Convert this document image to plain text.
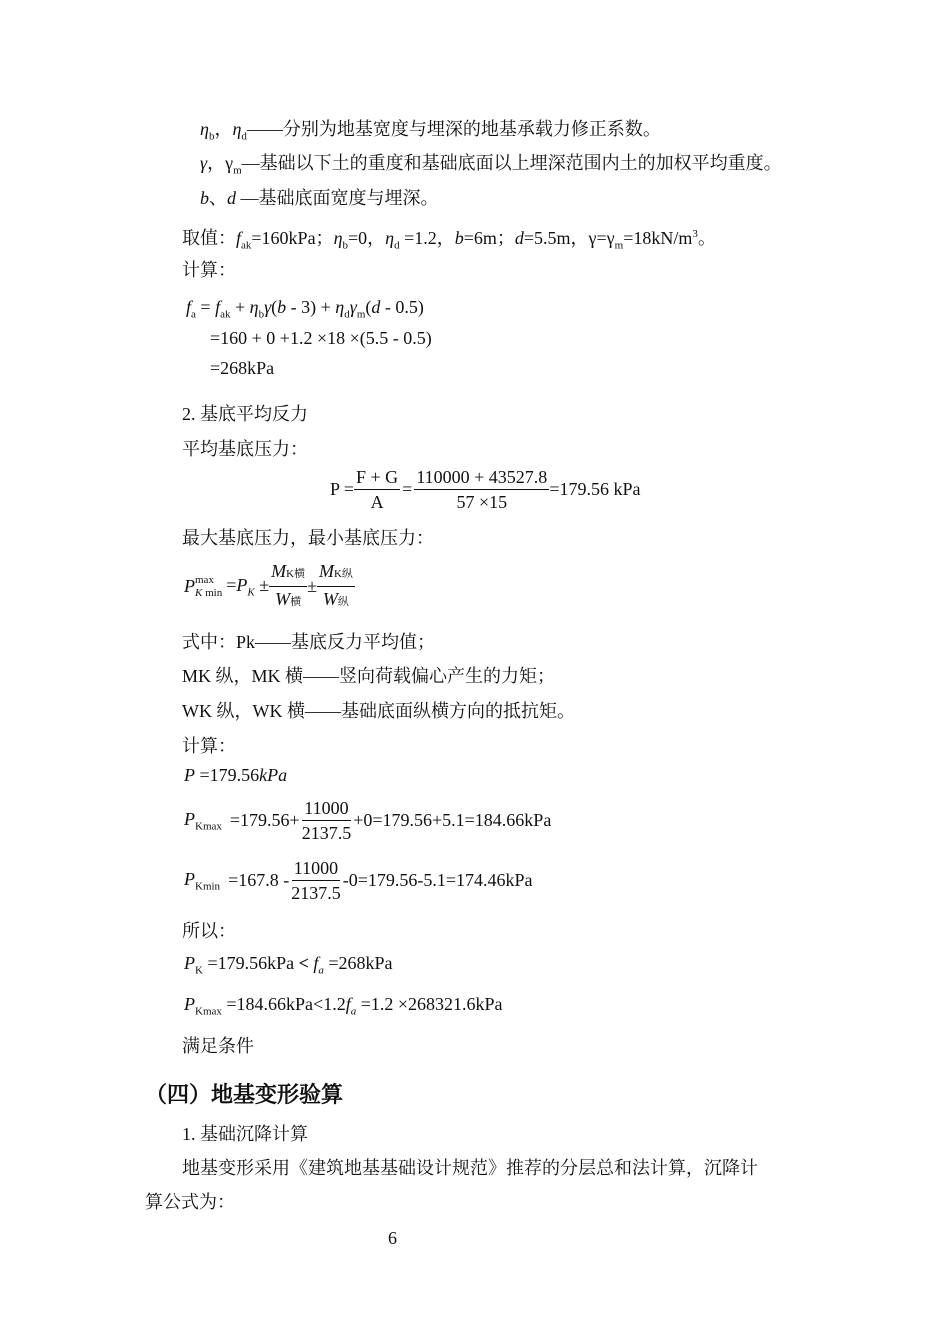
$\eta_b$，$\eta_d——$分别为地基宽度与埋深的地基承载力修正系数。
γ，$\gamma_m—$基础以下土的重度和基础底面以上埋深范围内土的加权平均重度。
b、d —基础底面宽度与埋深。
取值：$f_{ak}=160kPa$；$\eta_b=0$，$\eta_d =1.2$，b=6m；d=5.5m，$\gamma=\gamma_m=18kN/m^3$。
计算：
$f_a = f_{ak} + \eta_b\gamma(b - 3) + \eta_d\gamma_m(d - 0.5)$
=160 + 0 +1.2 ×18 ×(5.5 - 0.5)
=268kPa
2. 基底平均反力
平均基底压力：
$P = \frac{F + G}{A} = \frac{110000 + 43527.8}{57 \times 15} =179.56$ kPa
最大基底压力，最小基底压力：
P max
K $\min =P_K \pm \frac{\text{MK横}}{\text{W横}} \pm \frac{\text{MK纵}}{\text{W纵}}$
式中：Pk——基底反力平均值；
MK 纵，MK 横——竖向荷载偏心产生的力矩；
WK 纵，WK 横——基础底面纵横方向的抵抗矩。
计算：
P =179.56kPa
$P_{Kmax} =179.56+ \frac{11000}{2137.5} +0=179.56+5.1=184.66kPa$
$P_{Kmin} =167.8 - \frac{11000}{2137.5} -0=179.56-5.1=174.46kPa$
所以：
$P_K =179.56kPa < f_a =268kPa$
$P_{Kmax} =184.66kPa<1.2f_a =1.2 \times 268321.6kPa$
满足条件
（四）地基变形验算
1. 基础沉降计算
地基变形采用《建筑地基基础设计规范》推荐的分层总和法计算，沉降计
算公式为：
6
